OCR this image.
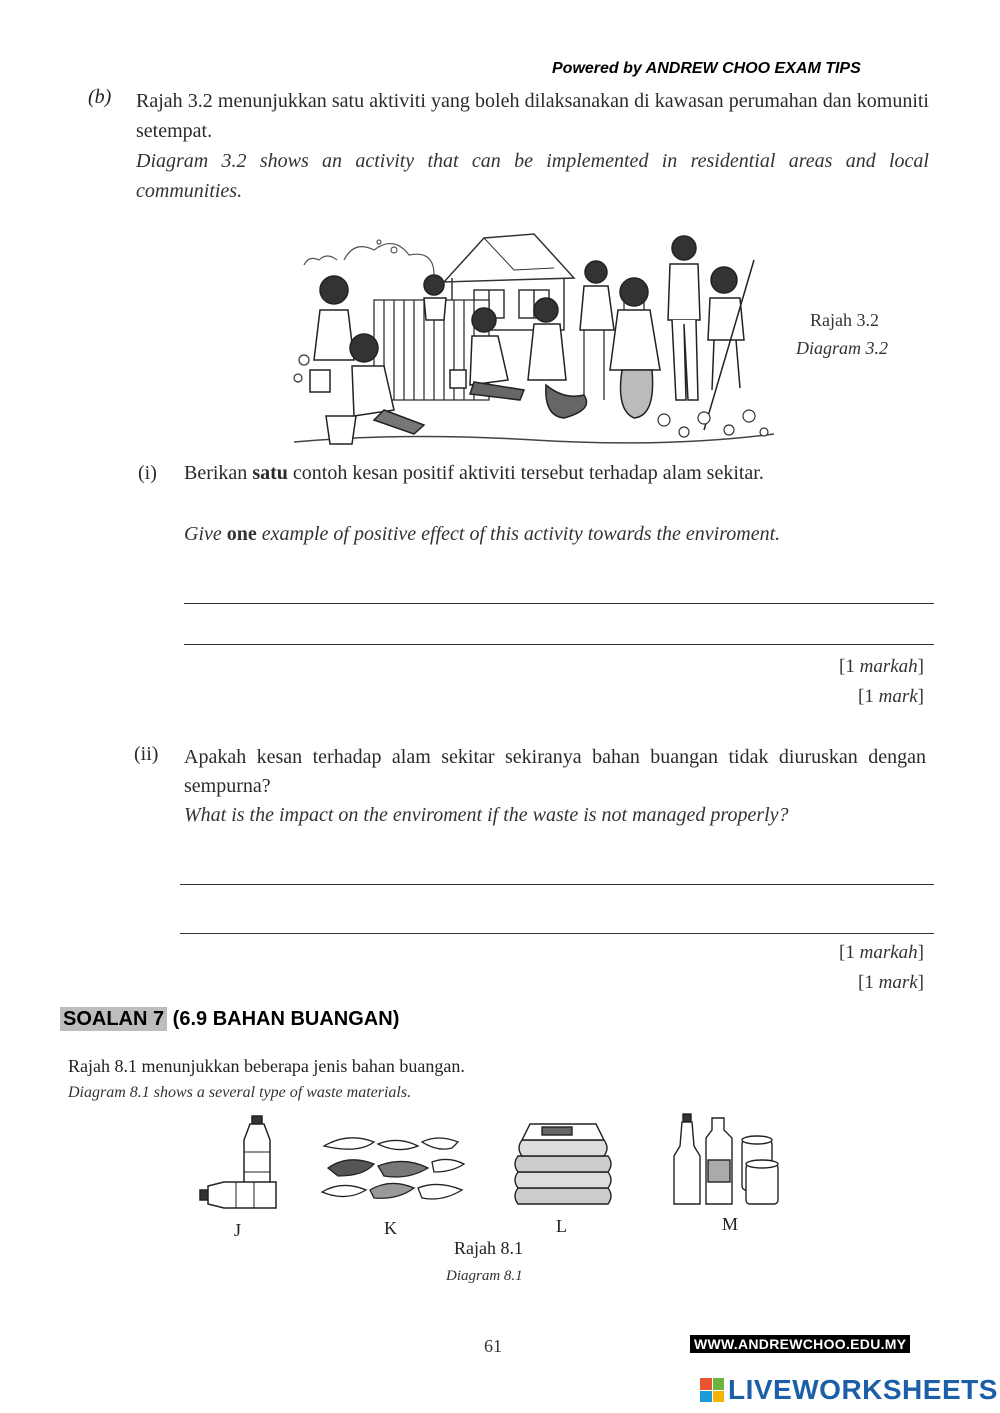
Powered by ANDREW CHOO EXAM TIPS
(b) Rajah 3.2 menunjukkan satu aktiviti yang boleh dilaksanakan di kawasan perumahan dan komuniti setempat.
Diagram 3.2 shows an activity that can be implemented in residential areas and local communities.
Rajah 3.2
Diagram 3.2
(i) Berikan satu contoh kesan positif aktiviti tersebut terhadap alam sekitar.
Give one example of positive effect of this activity towards the enviroment.
[1 markah]
[1 mark]
(ii) Apakah kesan terhadap alam sekitar sekiranya bahan buangan tidak diuruskan dengan sempurna?
What is the impact on the enviroment if the waste is not managed properly?
[1 markah]
[1 mark]
SOALAN 7 (6.9 BAHAN BUANGAN)
Rajah 8.1 menunjukkan beberapa jenis bahan buangan.
Diagram 8.1 shows a several type of waste materials.
J	K	L	M
Rajah 8.1
Diagram 8.1
61	WWW.ANDREWCHOO.EDU.MY
LIVEWORKSHEETS
